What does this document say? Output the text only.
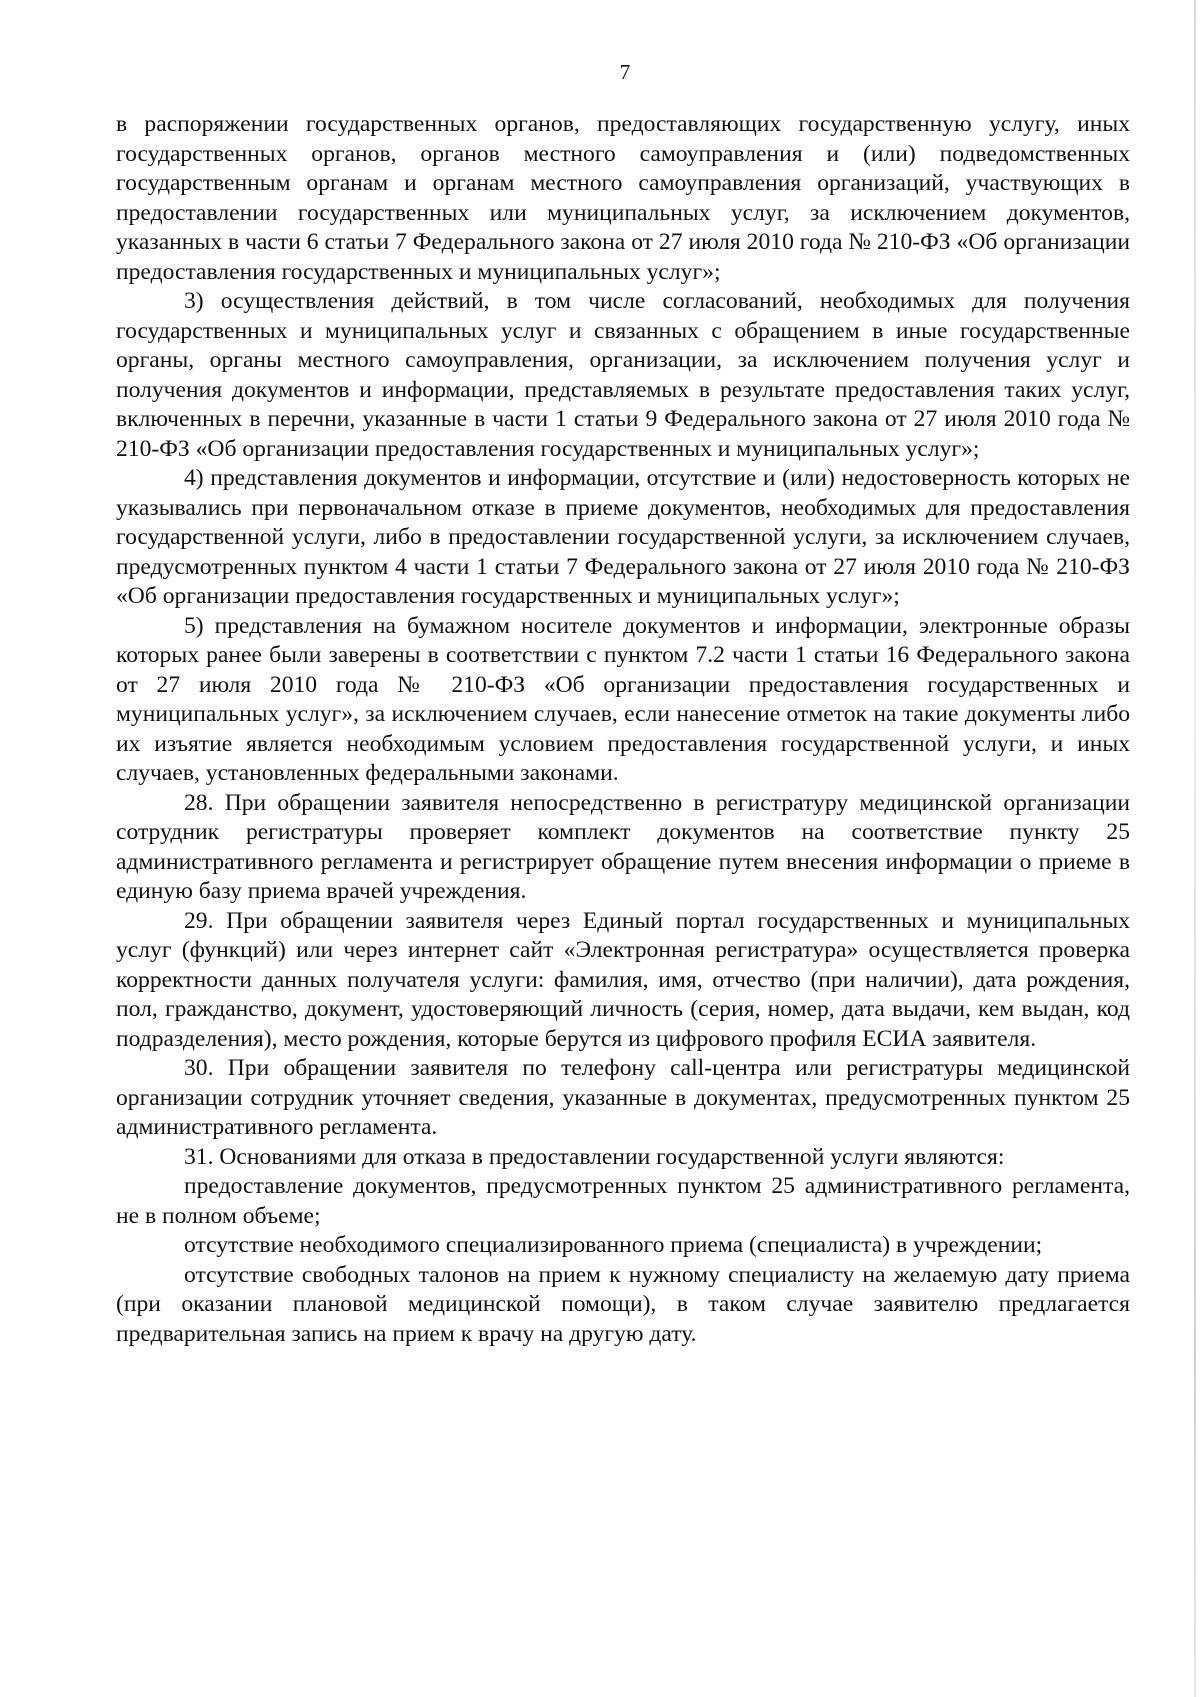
7

в распоряжении государственных органов, предоставляющих государственную услугу, иных государственных органов, органов местного самоуправления и (или) подведомственных государственным органам и органам местного самоуправления организаций, участвующих в предоставлении государственных или муниципальных услуг, за исключением документов, указанных в части 6 статьи 7 Федерального закона от 27 июля 2010 года № 210-ФЗ «Об организации предоставления государственных и муниципальных услуг»;

3) осуществления действий, в том числе согласований, необходимых для получения государственных и муниципальных услуг и связанных с обращением в иные государственные органы, органы местного самоуправления, организации, за исключением получения услуг и получения документов и информации, представляемых в результате предоставления таких услуг, включенных в перечни, указанные в части 1 статьи 9 Федерального закона от 27 июля 2010 года № 210-ФЗ «Об организации предоставления государственных и муниципальных услуг»;

4) представления документов и информации, отсутствие и (или) недостоверность которых не указывались при первоначальном отказе в приеме документов, необходимых для предоставления государственной услуги, либо в предоставлении государственной услуги, за исключением случаев, предусмотренных пунктом 4 части 1 статьи 7 Федерального закона от 27 июля 2010 года № 210-ФЗ «Об организации предоставления государственных и муниципальных услуг»;

5) представления на бумажном носителе документов и информации, электронные образы которых ранее были заверены в соответствии с пунктом 7.2 части 1 статьи 16 Федерального закона от 27 июля 2010 года № 210-ФЗ «Об организации предоставления государственных и муниципальных услуг», за исключением случаев, если нанесение отметок на такие документы либо их изъятие является необходимым условием предоставления государственной услуги, и иных случаев, установленных федеральными законами.

28. При обращении заявителя непосредственно в регистратуру медицинской организации сотрудник регистратуры проверяет комплект документов на соответствие пункту 25 административного регламента и регистрирует обращение путем внесения информации о приеме в единую базу приема врачей учреждения.

29. При обращении заявителя через Единый портал государственных и муниципальных услуг (функций) или через интернет сайт «Электронная регистратура» осуществляется проверка корректности данных получателя услуги: фамилия, имя, отчество (при наличии), дата рождения, пол, гражданство, документ, удостоверяющий личность (серия, номер, дата выдачи, кем выдан, код подразделения), место рождения, которые берутся из цифрового профиля ЕСИА заявителя.

30. При обращении заявителя по телефону call-центра или регистратуры медицинской организации сотрудник уточняет сведения, указанные в документах, предусмотренных пунктом 25 административного регламента.

31. Основаниями для отказа в предоставлении государственной услуги являются:

предоставление документов, предусмотренных пунктом 25 административного регламента, не в полном объеме;

отсутствие необходимого специализированного приема (специалиста) в учреждении;

отсутствие свободных талонов на прием к нужному специалисту на желаемую дату приема (при оказании плановой медицинской помощи), в таком случае заявителю предлагается предварительная запись на прием к врачу на другую дату.
